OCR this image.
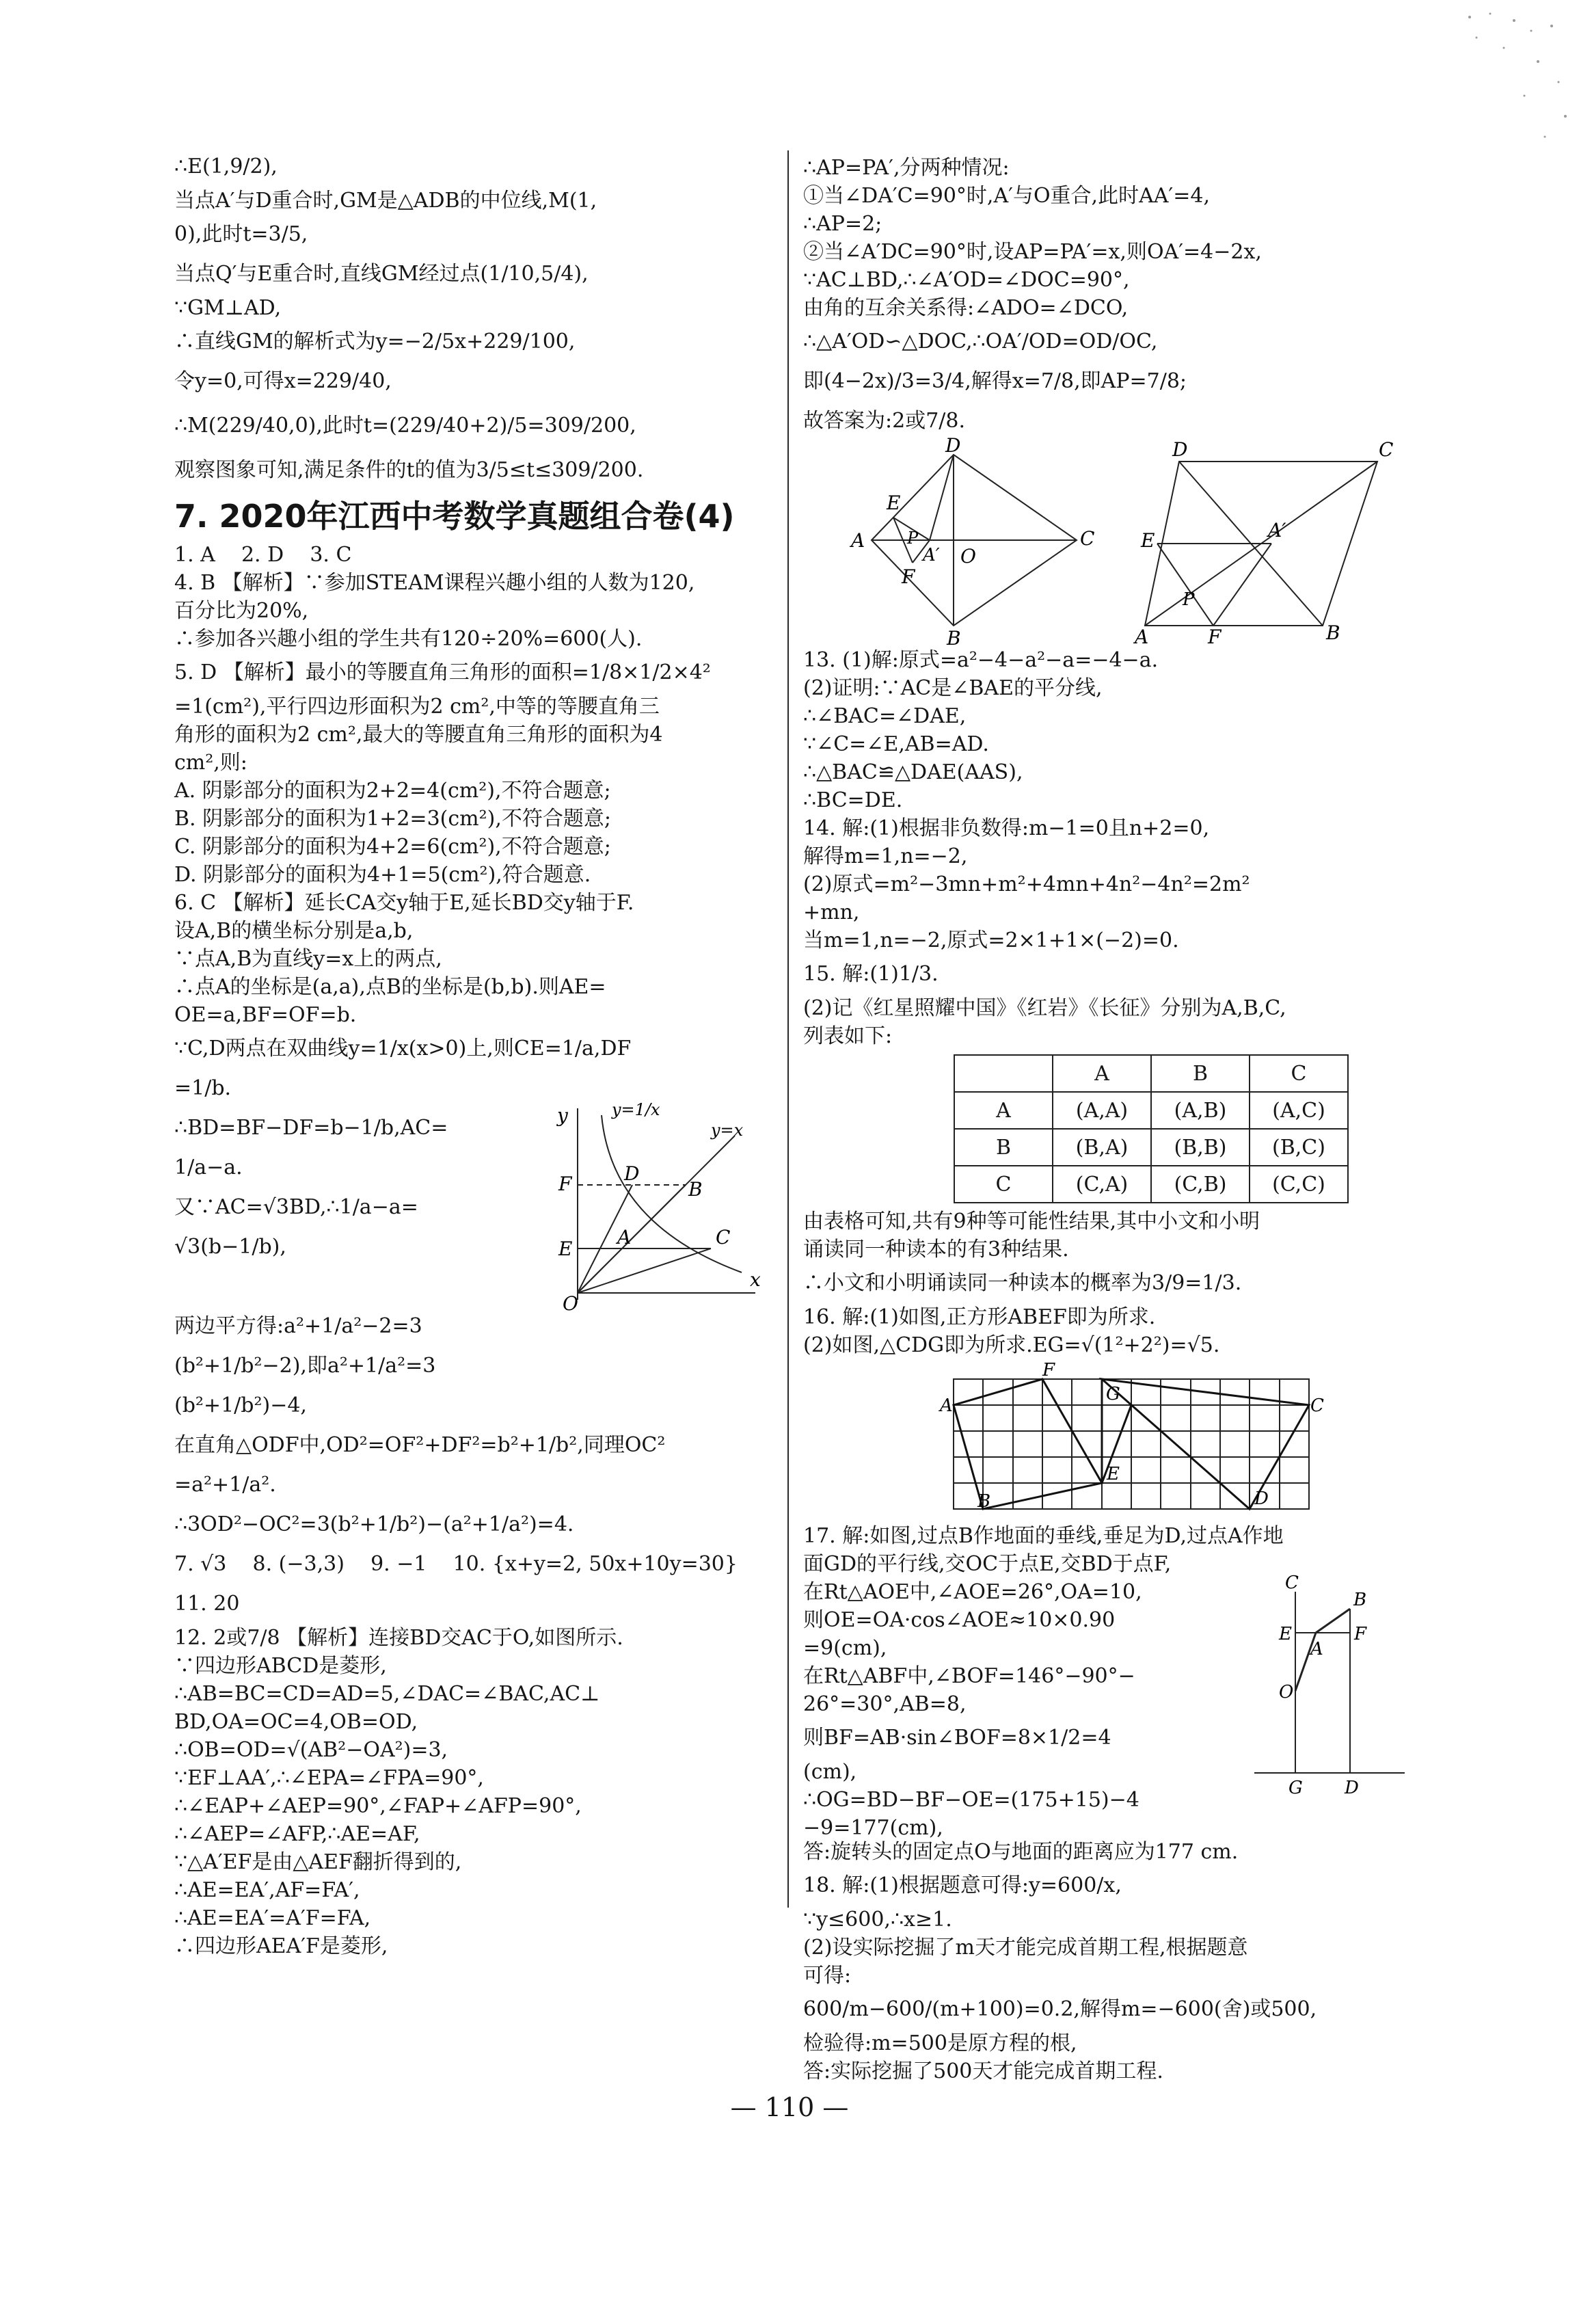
∴E(1,9/2),

当点A′与D重合时,GM是△ADB的中位线,M(1,

0),此时t=3/5,

当点Q′与E重合时,直线GM经过点(1/10,5/4),

∵GM⊥AD,

∴直线GM的解析式为y=−2/5x+229/100,

令y=0,可得x=229/40,

∴M(229/40,0),此时t=(229/40+2)/5=309/200,

观察图象可知,满足条件的t的值为3/5≤t≤309/200.

7. 2020年江西中考数学真题组合卷(4)

1. A    2. D    3. C

4. B 【解析】∵参加STEAM课程兴趣小组的人数为120,

百分比为20%,

∴参加各兴趣小组的学生共有120÷20%=600(人).

5. D 【解析】最小的等腰直角三角形的面积=1/8×1/2×4²

=1(cm²),平行四边形面积为2 cm²,中等的等腰直角三

角形的面积为2 cm²,最大的等腰直角三角形的面积为4

cm²,则:

A. 阴影部分的面积为2+2=4(cm²),不符合题意;

B. 阴影部分的面积为1+2=3(cm²),不符合题意;

C. 阴影部分的面积为4+2=6(cm²),不符合题意;

D. 阴影部分的面积为4+1=5(cm²),符合题意.

6. C 【解析】延长CA交y轴于E,延长BD交y轴于F.

设A,B的横坐标分别是a,b,

∵点A,B为直线y=x上的两点,

∴点A的坐标是(a,a),点B的坐标是(b,b).则AE=

OE=a,BF=OF=b.

∵C,D两点在双曲线y=1/x(x>0)上,则CE=1/a,DF

=1/b.

∴BD=BF−DF=b−1/b,AC=

1/a−a.

又∵AC=√3BD,∴1/a−a=

√3(b−1/b),

y
x
O
y=1/x
y=x
F	D
B
A
E
C

两边平方得:a²+1/a²−2=3

(b²+1/b²−2),即a²+1/a²=3

(b²+1/b²)−4,

在直角△ODF中,OD²=OF²+DF²=b²+1/b²,同理OC²

=a²+1/a².

∴3OD²−OC²=3(b²+1/b²)−(a²+1/a²)=4.

7. √3    8. (−3,3)    9. −1    10. {x+y=2, 50x+10y=30}    11. 20

12. 2或7/8 【解析】连接BD交AC于O,如图所示.

∵四边形ABCD是菱形,

∴AB=BC=CD=AD=5,∠DAC=∠BAC,AC⊥

BD,OA=OC=4,OB=OD,

∴OB=OD=√(AB²−OA²)=3,

∵EF⊥AA′,∴∠EPA=∠FPA=90°,

∴∠EAP+∠AEP=90°,∠FAP+∠AFP=90°,

∴∠AEP=∠AFP,∴AE=AF,

∵△A′EF是由△AEF翻折得到的,

∴AE=EA′,AF=FA′,

∴AE=EA′=A′F=FA,

∴四边形AEA′F是菱形,

∴AP=PA′,分两种情况:

①当∠DA′C=90°时,A′与O重合,此时AA′=4,

∴AP=2;

②当∠A′DC=90°时,设AP=PA′=x,则OA′=4−2x,

∵AC⊥BD,∴∠A′OD=∠DOC=90°,

由角的互余关系得:∠ADO=∠DCO,

∴△A′OD∽△DOC,∴OA′/OD=OD/OC,

即(4−2x)/3=3/4,解得x=7/8,即AP=7/8;

故答案为:2或7/8.

D
E
A	P
A′ O
C
F
B
D	C
E	A′
P
A	F	B

13. (1)解:原式=a²−4−a²−a=−4−a.

(2)证明:∵AC是∠BAE的平分线,

∴∠BAC=∠DAE,

∵∠C=∠E,AB=AD.

∴△BAC≌△DAE(AAS),

∴BC=DE.

14. 解:(1)根据非负数得:m−1=0且n+2=0,

解得m=1,n=−2,

(2)原式=m²−3mn+m²+4mn+4n²−4n²=2m²

+mn,

当m=1,n=−2,原式=2×1+1×(−2)=0.

15. 解:(1)1/3.

(2)记《红星照耀中国》《红岩》《长征》分别为A,B,C,

列表如下:

	A	B	C
A	(A,A)	(A,B)	(A,C)
B	(B,A)	(B,B)	(B,C)
C	(C,A)	(C,B)	(C,C)

由表格可知,共有9种等可能性结果,其中小文和小明

诵读同一种读本的有3种结果.

∴小文和小明诵读同一种读本的概率为3/9=1/3.

16. 解:(1)如图,正方形ABEF即为所求.

(2)如图,△CDG即为所求.EG=√(1²+2²)=√5.

F
G
A	C
E
B	D

17. 解:如图,过点B作地面的垂线,垂足为D,过点A作地

面GD的平行线,交OC于点E,交BD于点F,

在Rt△AOE中,∠AOE=26°,OA=10,

则OE=OA·cos∠AOE≈10×0.90

=9(cm),

在Rt△ABF中,∠BOF=146°−90°−

26°=30°,AB=8,

则BF=AB·sin∠BOF=8×1/2=4

(cm),

∴OG=BD−BF−OE=(175+15)−4

−9=177(cm),

C
B
E	F
A
O
G D

答:旋转头的固定点O与地面的距离应为177 cm.

18. 解:(1)根据题意可得:y=600/x,

∵y≤600,∴x≥1.

(2)设实际挖掘了m天才能完成首期工程,根据题意

可得:

600/m−600/(m+100)=0.2,解得m=−600(舍)或500,

检验得:m=500是原方程的根,

答:实际挖掘了500天才能完成首期工程.

— 110 —
